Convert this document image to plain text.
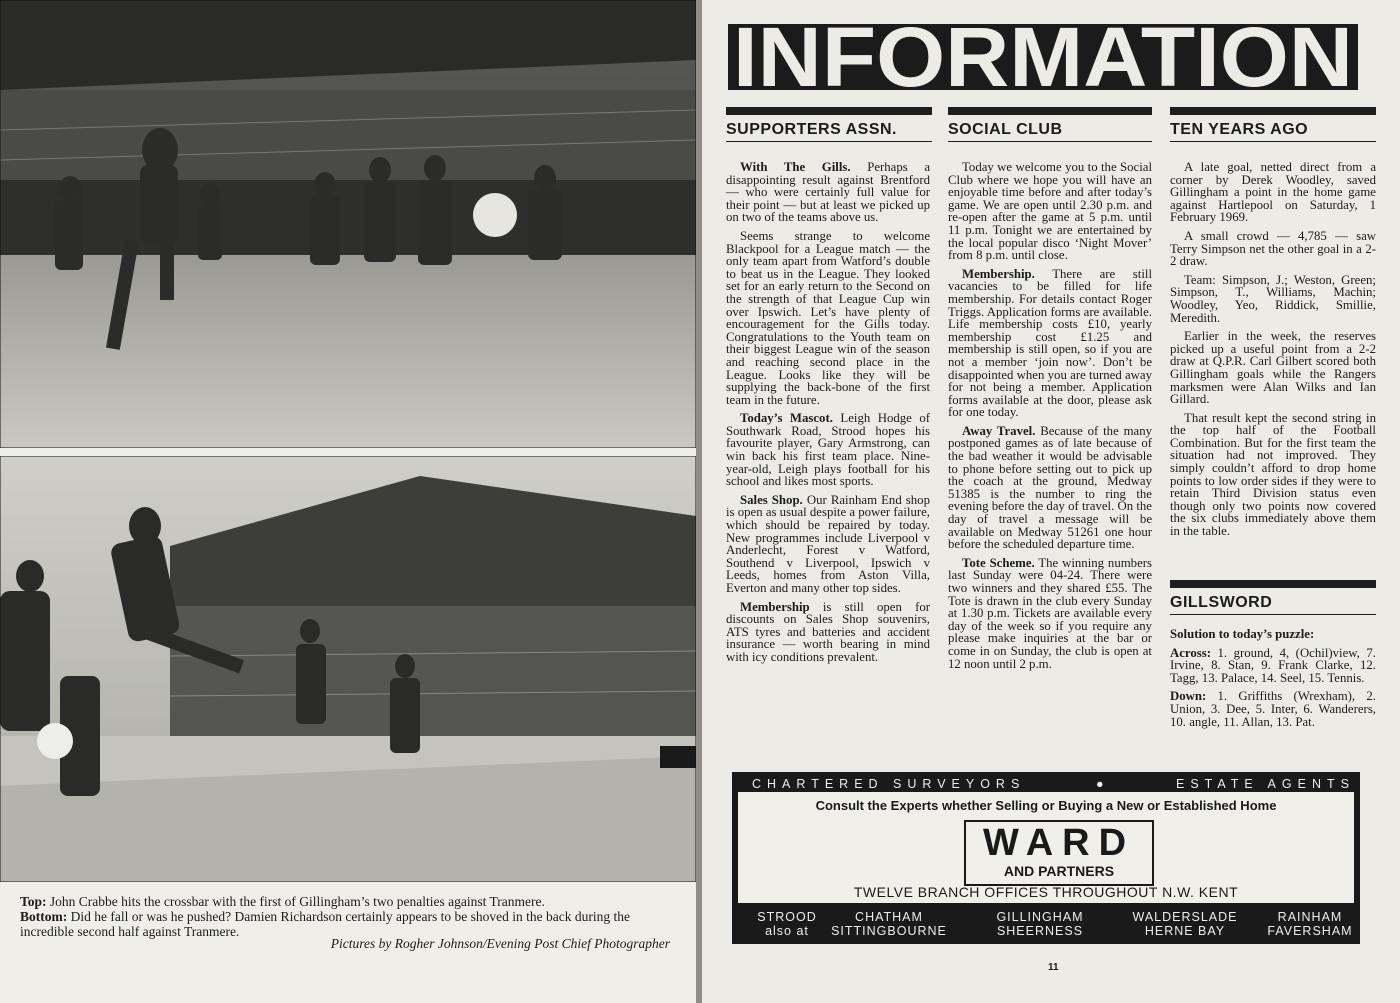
Top: John Crabbe hits the crossbar with the first of Gillingham’s two penalties against Tranmere.
Bottom: Did he fall or was he pushed? Damien Richardson certainly appears to be shoved in the back during the incredible second half against Tranmere.
Pictures by Rogher Johnson/Evening Post Chief Photographer
INFORMATION
SUPPORTERS ASSN.

With The Gills. Perhaps a disappointing result against Brentford — who were certainly full value for their point — but at least we picked up on two of the teams above us.

Seems strange to welcome Blackpool for a League match — the only team apart from Watford’s double to beat us in the League. They looked set for an early return to the Second on the strength of that League Cup win over Ipswich. Let’s have plenty of encouragement for the Gills today. Congratulations to the Youth team on their biggest League win of the season and reaching second place in the League. Looks like they will be supplying the back-bone of the first team in the future.

Today’s Mascot. Leigh Hodge of Southwark Road, Strood hopes his favourite player, Gary Armstrong, can win back his first team place. Nine-year-old, Leigh plays football for his school and likes most sports.

Sales Shop. Our Rainham End shop is open as usual despite a power failure, which should be repaired by today. New programmes include Liverpool v Anderlecht, Forest v Watford, Southend v Liverpool, Ipswich v Leeds, homes from Aston Villa, Everton and many other top sides.

Membership is still open for discounts on Sales Shop souvenirs, ATS tyres and batteries and accident insurance — worth bearing in mind with icy conditions prevalent.

SOCIAL CLUB

Today we welcome you to the Social Club where we hope you will have an enjoyable time before and after today’s game. We are open until 2.30 p.m. and re-open after the game at 5 p.m. until 11 p.m. Tonight we are entertained by the local popular disco ‘Night Mover’ from 8 p.m. until close.

Membership. There are still vacancies to be filled for life membership. For details contact Roger Triggs. Application forms are available. Life membership costs £10, yearly membership cost £1.25 and membership is still open, so if you are not a member ‘join now’. Don’t be disappointed when you are turned away for not being a member. Application forms available at the door, please ask for one today.

Away Travel. Because of the many postponed games as of late because of the bad weather it would be advisable to phone before setting out to pick up the coach at the ground, Medway 51385 is the number to ring the evening before the day of travel. On the day of travel a message will be available on Medway 51261 one hour before the scheduled departure time.

Tote Scheme. The winning numbers last Sunday were 04-24. There were two winners and they shared £55. The Tote is drawn in the club every Sunday at 1.30 p.m. Tickets are available every day of the week so if you require any please make inquiries at the bar or come in on Sunday, the club is open at 12 noon until 2 p.m.

TEN YEARS AGO

A late goal, netted direct from a corner by Derek Woodley, saved Gillingham a point in the home game against Hartlepool on Saturday, 1 February 1969.

A small crowd — 4,785 — saw Terry Simpson net the other goal in a 2-2 draw.

Team: Simpson, J.; Weston, Green; Simpson, T., Williams, Machin; Woodley, Yeo, Riddick, Smillie, Meredith.

Earlier in the week, the reserves picked up a useful point from a 2-2 draw at Q.P.R. Carl Gilbert scored both Gillingham goals while the Rangers marksmen were Alan Wilks and Ian Gillard.

That result kept the second string in the top half of the Football Combination. But for the first team the situation had not improved. They simply couldn’t afford to drop home points to low order sides if they were to retain Third Division status even though only two points now covered the six clubs immediately above them in the table.

GILLSWORD

Solution to today’s puzzle:

Across: 1. ground, 4, (Ochil)view, 7. Irvine, 8. Stan, 9. Frank Clarke, 12. Tagg, 13. Palace, 14. Seel, 15. Tennis.

Down: 1. Griffiths (Wrexham), 2. Union, 3. Dee, 5. Inter, 6. Wanderers, 10. angle, 11. Allan, 13. Pat.

CHARTERED SURVEYORS	●	ESTATE AGENTS
Consult the Experts whether Selling or Buying a New or Established Home
WARD
AND PARTNERS
TWELVE BRANCH OFFICES THROUGHOUT N.W. KENT
STROOD
also at
CHATHAM
SITTINGBOURNE
GILLINGHAM
SHEERNESS
WALDERSLADE
HERNE BAY
RAINHAM
FAVERSHAM
11
